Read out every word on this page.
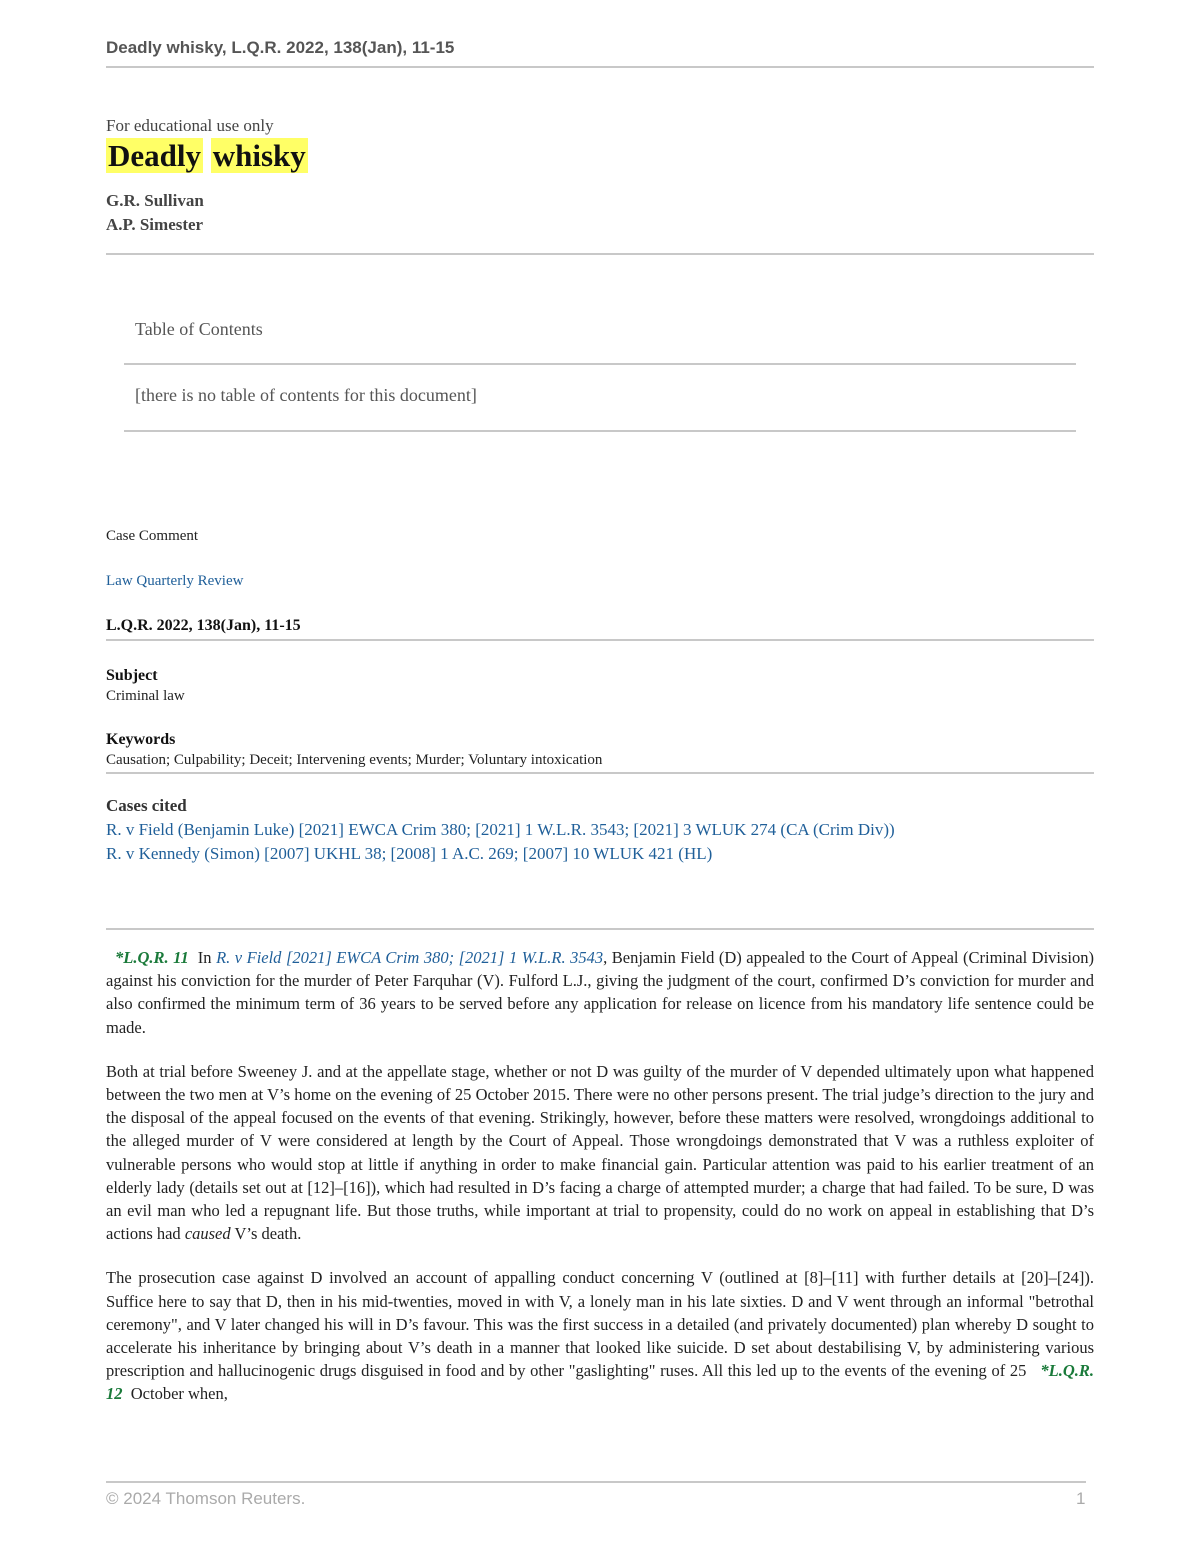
Deadly whisky, L.Q.R. 2022, 138(Jan), 11-15
For educational use only
Deadly whisky
G.R. Sullivan
A.P. Simester
Table of Contents
[there is no table of contents for this document]
Case Comment
Law Quarterly Review
L.Q.R. 2022, 138(Jan), 11-15
Subject
Criminal law
Keywords
Causation; Culpability; Deceit; Intervening events; Murder; Voluntary intoxication
Cases cited
R. v Field (Benjamin Luke) [2021] EWCA Crim 380; [2021] 1 W.L.R. 3543; [2021] 3 WLUK 274 (CA (Crim Div))
R. v Kennedy (Simon) [2007] UKHL 38; [2008] 1 A.C. 269; [2007] 10 WLUK 421 (HL)

*L.Q.R. 11 In R. v Field [2021] EWCA Crim 380; [2021] 1 W.L.R. 3543, Benjamin Field (D) appealed to the Court of Appeal (Criminal Division) against his conviction for the murder of Peter Farquhar (V). Fulford L.J., giving the judgment of the court, confirmed D’s conviction for murder and also confirmed the minimum term of 36 years to be served before any application for release on licence from his mandatory life sentence could be made.

Both at trial before Sweeney J. and at the appellate stage, whether or not D was guilty of the murder of V depended ultimately upon what happened between the two men at V’s home on the evening of 25 October 2015. There were no other persons present. The trial judge’s direction to the jury and the disposal of the appeal focused on the events of that evening. Strikingly, however, before these matters were resolved, wrongdoings additional to the alleged murder of V were considered at length by the Court of Appeal. Those wrongdoings demonstrated that V was a ruthless exploiter of vulnerable persons who would stop at little if anything in order to make financial gain. Particular attention was paid to his earlier treatment of an elderly lady (details set out at [12]–[16]), which had resulted in D’s facing a charge of attempted murder; a charge that had failed. To be sure, D was an evil man who led a repugnant life. But those truths, while important at trial to propensity, could do no work on appeal in establishing that D’s actions had caused V’s death.

The prosecution case against D involved an account of appalling conduct concerning V (outlined at [8]–[11] with further details at [20]–[24]). Suffice here to say that D, then in his mid-twenties, moved in with V, a lonely man in his late sixties. D and V went through an informal "betrothal ceremony", and V later changed his will in D’s favour. This was the first success in a detailed (and privately documented) plan whereby D sought to accelerate his inheritance by bringing about V’s death in a manner that looked like suicide. D set about destabilising V, by administering various prescription and hallucinogenic drugs disguised in food and by other "gaslighting" ruses. All this led up to the events of the evening of 25 *L.Q.R. 12 October when,

© 2024 Thomson Reuters.	1
